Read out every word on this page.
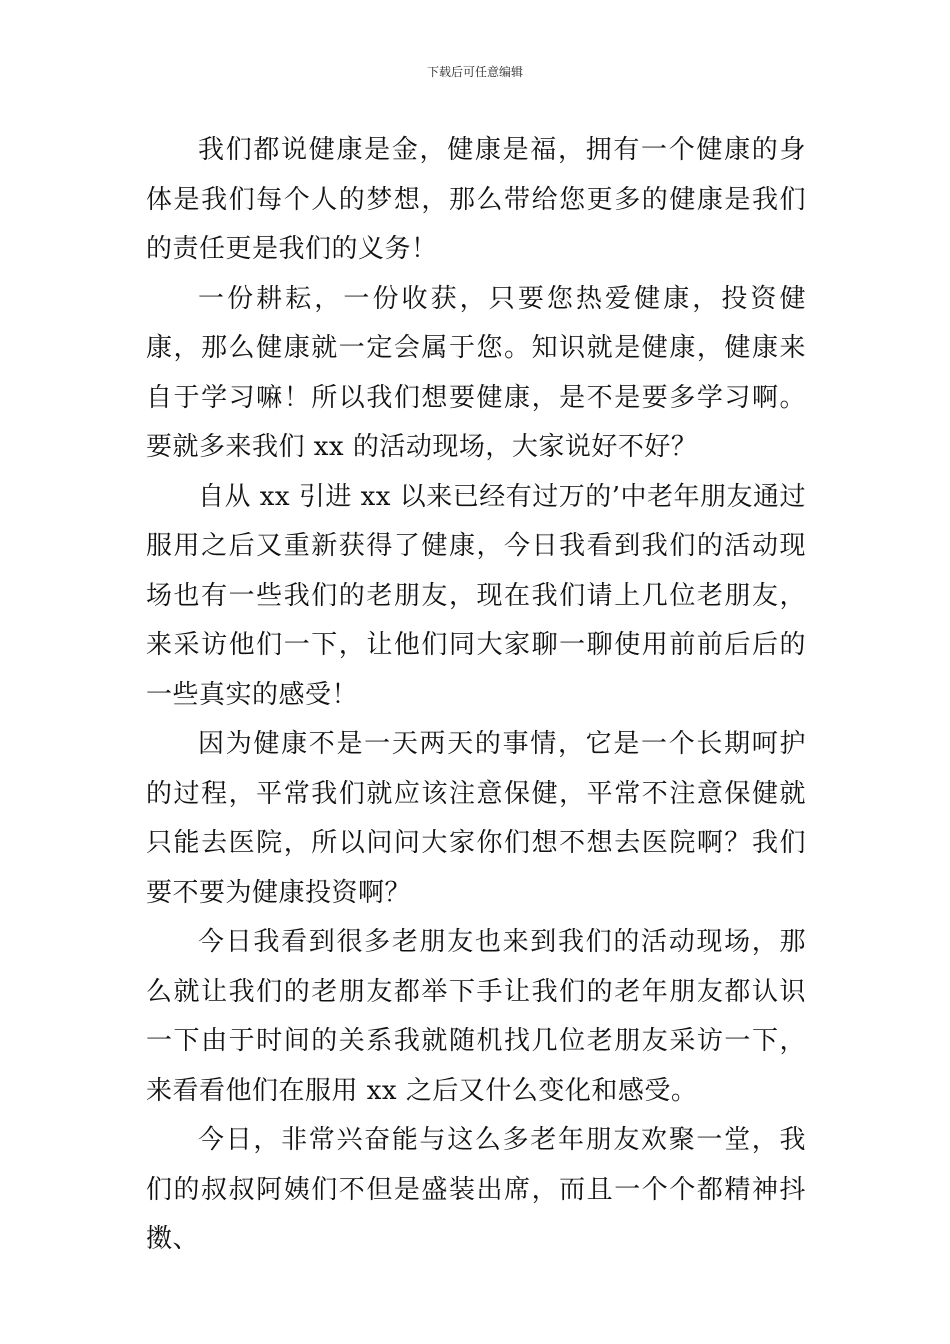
下载后可任意编辑

我们都说健康是金，健康是福，拥有一个健康的身体是我们每个人的梦想，那么带给您更多的健康是我们的责任更是我们的义务！

一份耕耘，一份收获，只要您热爱健康，投资健康，那么健康就一定会属于您。知识就是健康，健康来自于学习嘛！所以我们想要健康，是不是要多学习啊。要就多来我们 xx 的活动现场，大家说好不好？

自从 xx 引进 xx 以来已经有过万的’中老年朋友通过服用之后又重新获得了健康，今日我看到我们的活动现场也有一些我们的老朋友，现在我们请上几位老朋友，来采访他们一下，让他们同大家聊一聊使用前前后后的一些真实的感受！

因为健康不是一天两天的事情，它是一个长期呵护的过程，平常我们就应该注意保健，平常不注意保健就只能去医院，所以问问大家你们想不想去医院啊？我们要不要为健康投资啊？

今日我看到很多老朋友也来到我们的活动现场，那么就让我们的老朋友都举下手让我们的老年朋友都认识一下由于时间的关系我就随机找几位老朋友采访一下，来看看他们在服用 xx 之后又什么变化和感受。

今日，非常兴奋能与这么多老年朋友欢聚一堂，我们的叔叔阿姨们不但是盛装出席，而且一个个都精神抖擞、
